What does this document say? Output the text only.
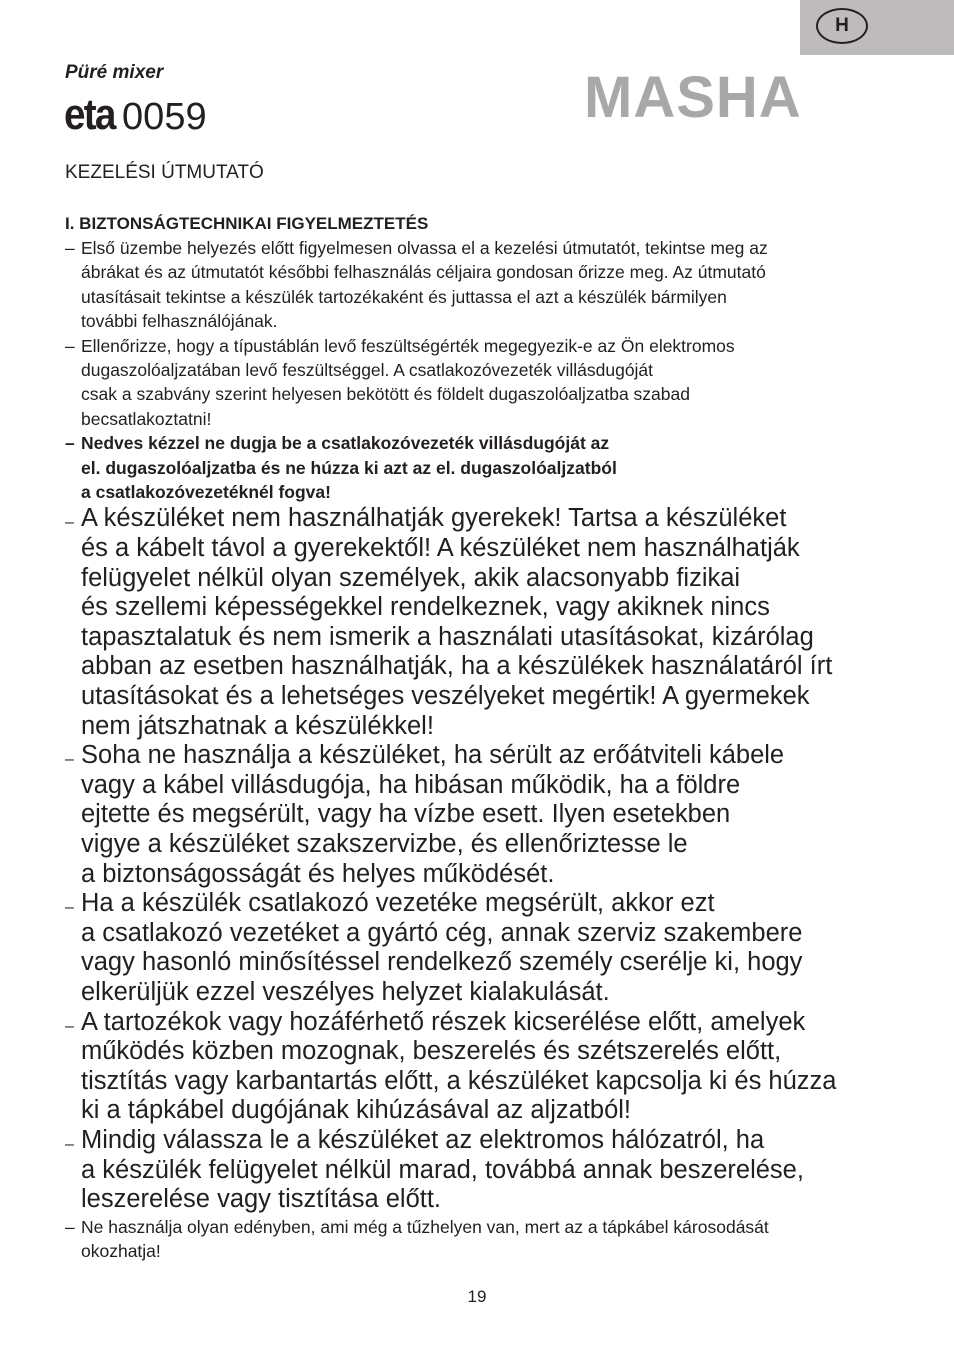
H

Püré mixer

eta 0059	MASHA
KEZELÉSI ÚTMUTATÓ
I. BIZTONSÁGTECHNIKAI FIGYELMEZTETÉS
– Első üzembe helyezés előtt figyelmesen olvassa el a kezelési útmutatót, tekintse meg az
ábrákat és az útmutatót későbbi felhasználás céljaira gondosan őrizze meg. Az útmutató
utasításait tekintse a készülék tartozékaként és juttassa el azt a készülék bármilyen
további felhasználójának.
– Ellenőrizze, hogy a típustáblán levő feszültségérték megegyezik-e az Ön elektromos
dugaszolóaljzatában levő feszültséggel. A csatlakozóvezeték villásdugóját
csak a szabvány szerint helyesen bekötött és földelt dugaszolóaljzatba szabad
becsatlakoztatni!
– Nedves kézzel ne dugja be a csatlakozóvezeték villásdugóját az
el. dugaszolóaljzatba és ne húzza ki azt az el. dugaszolóaljzatból
a csatlakozóvezetéknél fogva!
– A készüléket nem használhatják gyerekek! Tartsa a készüléket
és a kábelt távol a gyerekektől! A készüléket nem használhatják
felügyelet nélkül olyan személyek, akik alacsonyabb fizikai
és szellemi képességekkel rendelkeznek, vagy akiknek nincs
tapasztalatuk és nem ismerik a használati utasításokat, kizárólag
abban az esetben használhatják, ha a készülékek használatáról írt
utasításokat és a lehetséges veszélyeket megértik! A gyermekek
nem játszhatnak a készülékkel!
– Soha ne használja a készüléket, ha sérült az erőátviteli kábele
vagy a kábel villásdugója, ha hibásan működik, ha a földre
ejtette és megsérült, vagy ha vízbe esett. Ilyen esetekben
vigye a készüléket szakszervizbe, és ellenőriztesse le
a biztonságosságát és helyes működését.
– Ha a készülék csatlakozó vezetéke megsérült, akkor ezt
a csatlakozó vezetéket a gyártó cég, annak szerviz szakembere
vagy hasonló minősítéssel rendelkező személy cserélje ki, hogy
elkerüljük ezzel veszélyes helyzet kialakulását.
– A tartozékok vagy hozáférhető részek kicserélése előtt, amelyek
működés közben mozognak, beszerelés és szétszerelés előtt,
tisztítás vagy karbantartás előtt, a készüléket kapcsolja ki és húzza
ki a tápkábel dugójának kihúzásával az aljzatból!
– Mindig válassza le a készüléket az elektromos hálózatról, ha
a készülék felügyelet nélkül marad, továbbá annak beszerelése,
leszerelése vagy tisztítása előtt.
– Ne használja olyan edényben, ami még a tűzhelyen van, mert az a tápkábel károsodását
okozhatja!
19
